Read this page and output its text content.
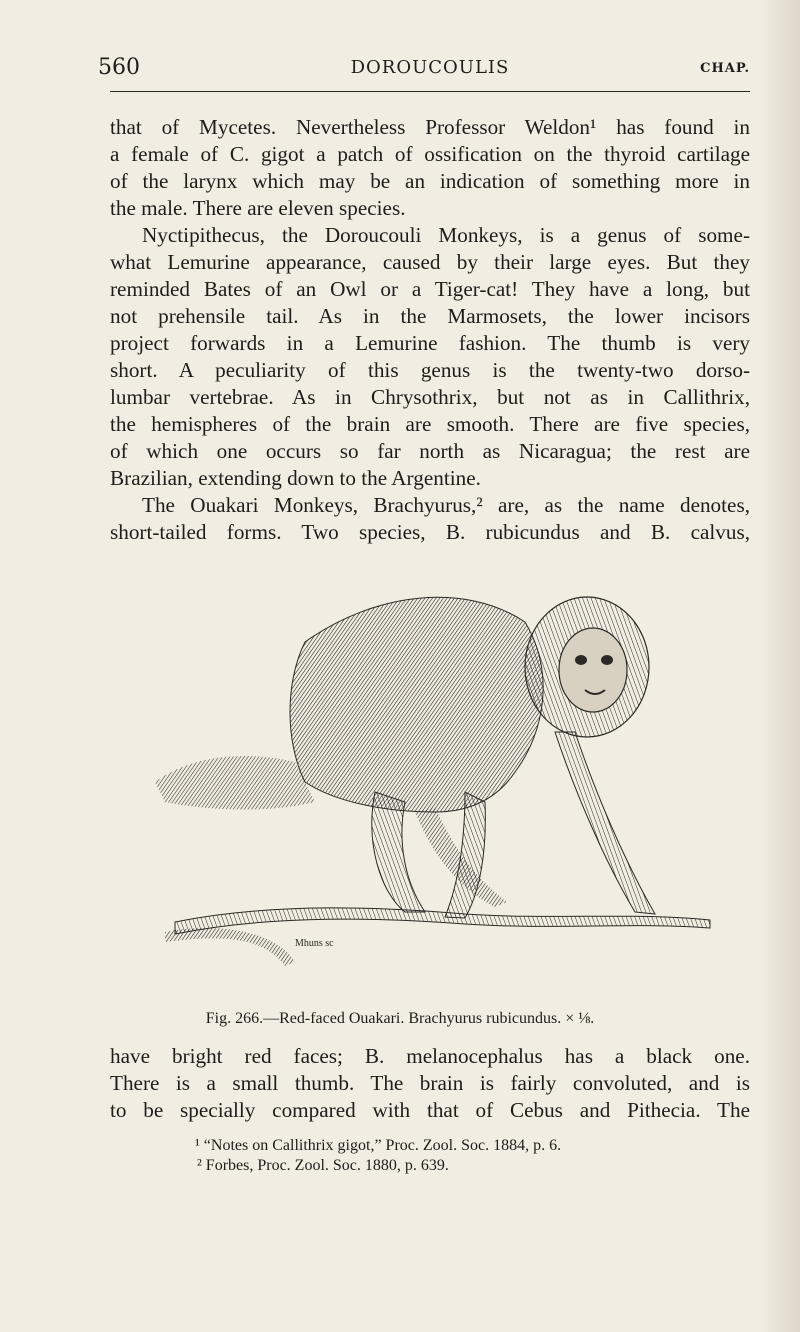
560	DOROUCOULIS	CHAP.
that of Mycetes. Nevertheless Professor Weldon¹ has found in
a female of C. gigot a patch of ossification on the thyroid cartilage
of the larynx which may be an indication of something more in
the male. There are eleven species.
Nyctipithecus, the Doroucouli Monkeys, is a genus of some-
what Lemurine appearance, caused by their large eyes. But they
reminded Bates of an Owl or a Tiger-cat! They have a long, but
not prehensile tail. As in the Marmosets, the lower incisors
project forwards in a Lemurine fashion. The thumb is very
short. A peculiarity of this genus is the twenty-two dorso-
lumbar vertebrae. As in Chrysothrix, but not as in Callithrix,
the hemispheres of the brain are smooth. There are five species,
of which one occurs so far north as Nicaragua; the rest are
Brazilian, extending down to the Argentine.
The Ouakari Monkeys, Brachyurus,² are, as the name denotes,
short-tailed forms. Two species, B. rubicundus and B. calvus,
Mhuns sc
Fig. 266.—Red-faced Ouakari. Brachyurus rubicundus. × ⅛.
have bright red faces; B. melanocephalus has a black one.
There is a small thumb. The brain is fairly convoluted, and is
to be specially compared with that of Cebus and Pithecia. The
¹ “Notes on Callithrix gigot,” Proc. Zool. Soc. 1884, p. 6.
² Forbes, Proc. Zool. Soc. 1880, p. 639.
